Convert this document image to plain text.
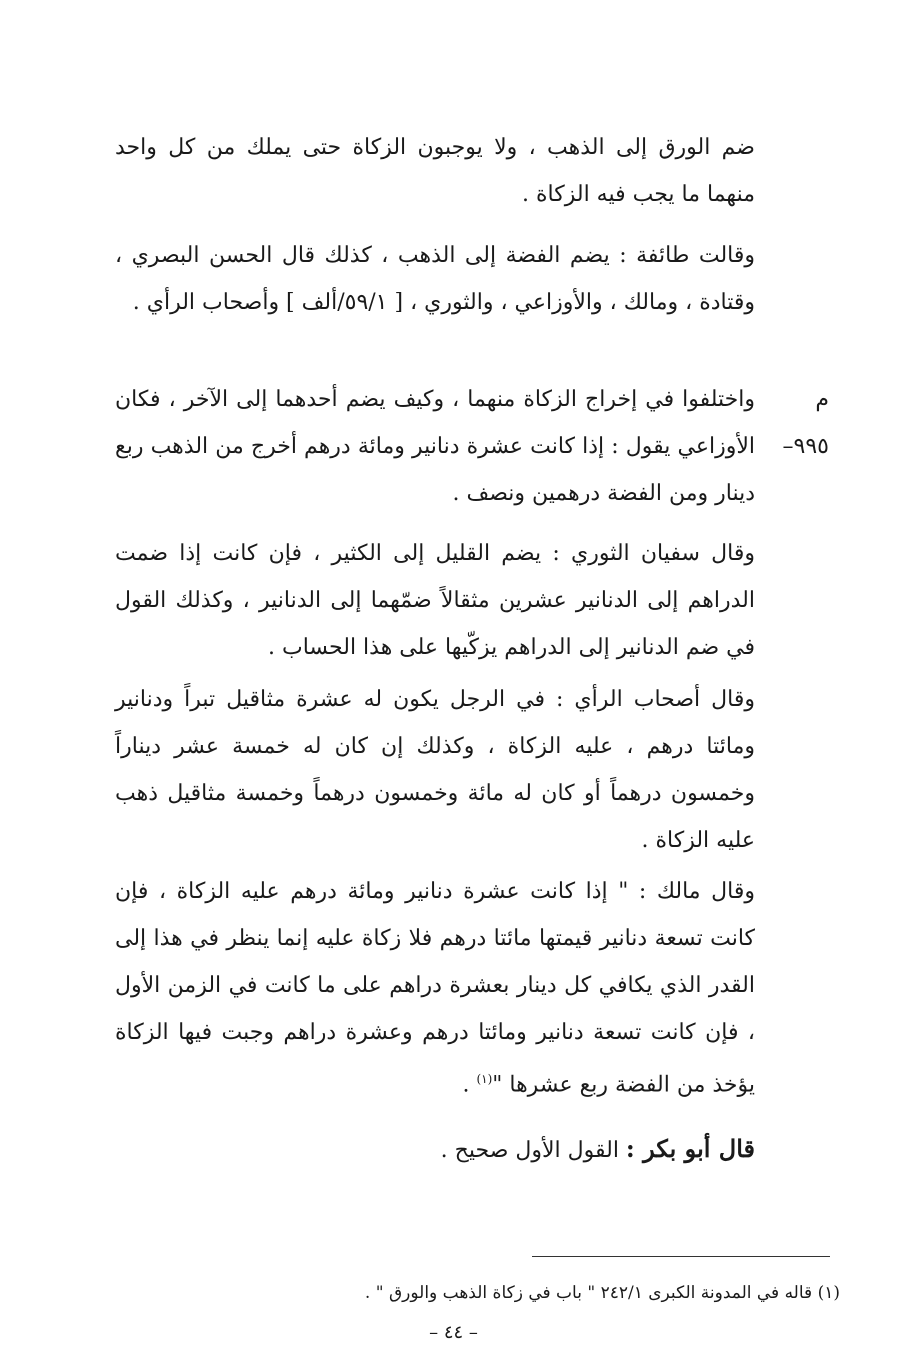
ضم الورق إلى الذهب ، ولا يوجبون الزكاة حتى يملك من كل واحد منهما ما يجب فيه الزكاة .

وقالت طائفة : يضم الفضة إلى الذهب ، كذلك قال الحسن البصري ، وقتادة ، ومالك ، والأوزاعي ، والثوري ، [ ٥٩/١/ألف ] وأصحاب الرأي .

م ٩٩٥–

واختلفوا في إخراج الزكاة منهما ، وكيف يضم أحدهما إلى الآخر ، فكان الأوزاعي يقول : إذا كانت عشرة دنانير ومائة درهم أخرج من الذهب ربع دينار ومن الفضة درهمين ونصف .

وقال سفيان الثوري : يضم القليل إلى الكثير ، فإن كانت إذا ضمت الدراهم إلى الدنانير عشرين مثقالاً ضمّهما إلى الدنانير ، وكذلك القول في ضم الدنانير إلى الدراهم يزكّيها على هذا الحساب .

وقال أصحاب الرأي : في الرجل يكون له عشرة مثاقيل تبراً ودنانير ومائتا درهم ، عليه الزكاة ، وكذلك إن كان له خمسة عشر ديناراً وخمسون درهماً أو كان له مائة وخمسون درهماً وخمسة مثاقيل ذهب عليه الزكاة .

وقال مالك : " إذا كانت عشرة دنانير ومائة درهم عليه الزكاة ، فإن كانت تسعة دنانير قيمتها مائتا درهم فلا زكاة عليه إنما ينظر في هذا إلى القدر الذي يكافي كل دينار بعشرة دراهم على ما كانت في الزمن الأول ، فإن كانت تسعة دنانير ومائتا درهم وعشرة دراهم وجبت فيها الزكاة يؤخذ من الفضة ربع عشرها "$^{(١)}$ .

قال أبو بكر : القول الأول صحيح .

(١) قاله في المدونة الكبرى ٢٤٢/١ " باب في زكاة الذهب والورق " .
– ٤٤ –
